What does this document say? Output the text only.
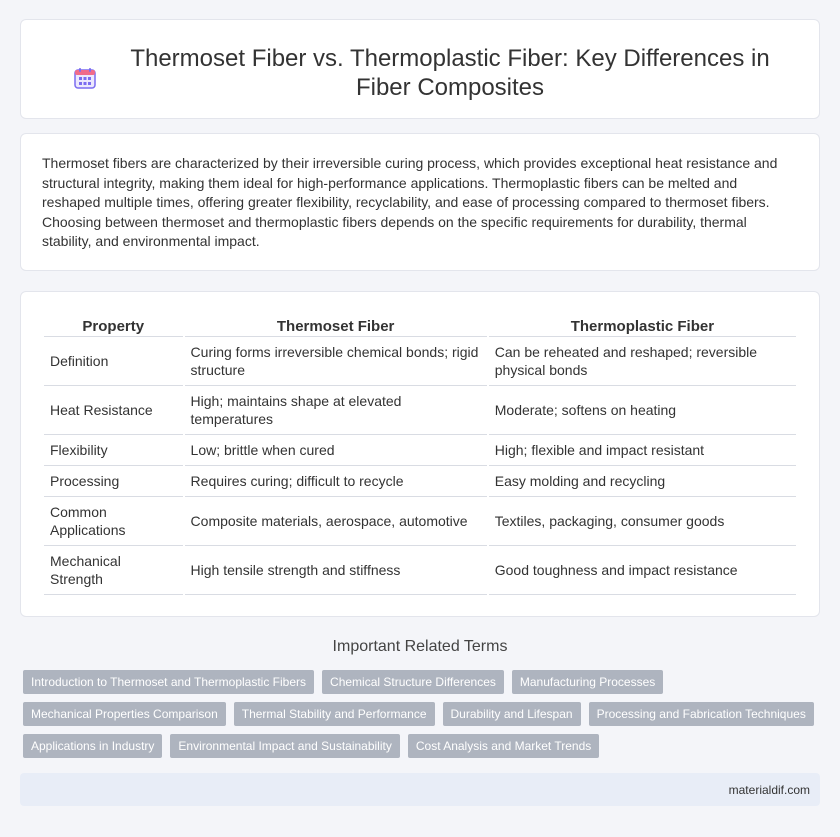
Thermoset Fiber vs. Thermoplastic Fiber: Key Differences in Fiber Composites

Thermoset fibers are characterized by their irreversible curing process, which provides exceptional heat resistance and structural integrity, making them ideal for high-performance applications. Thermoplastic fibers can be melted and reshaped multiple times, offering greater flexibility, recyclability, and ease of processing compared to thermoset fibers. Choosing between thermoset and thermoplastic fibers depends on the specific requirements for durability, thermal stability, and environmental impact.

Property	Thermoset Fiber	Thermoplastic Fiber
Definition	Curing forms irreversible chemical bonds; rigid structure	Can be reheated and reshaped; reversible physical bonds
Heat Resistance	High; maintains shape at elevated temperatures	Moderate; softens on heating
Flexibility	Low; brittle when cured	High; flexible and impact resistant
Processing	Requires curing; difficult to recycle	Easy molding and recycling
Common Applications	Composite materials, aerospace, automotive	Textiles, packaging, consumer goods
Mechanical Strength	High tensile strength and stiffness	Good toughness and impact resistance
Important Related Terms
Introduction to Thermoset and Thermoplastic Fibers	Chemical Structure Differences	Manufacturing Processes
Mechanical Properties Comparison	Thermal Stability and Performance	Durability and Lifespan	Processing and Fabrication Techniques
Applications in Industry	Environmental Impact and Sustainability	Cost Analysis and Market Trends
materialdif.com
